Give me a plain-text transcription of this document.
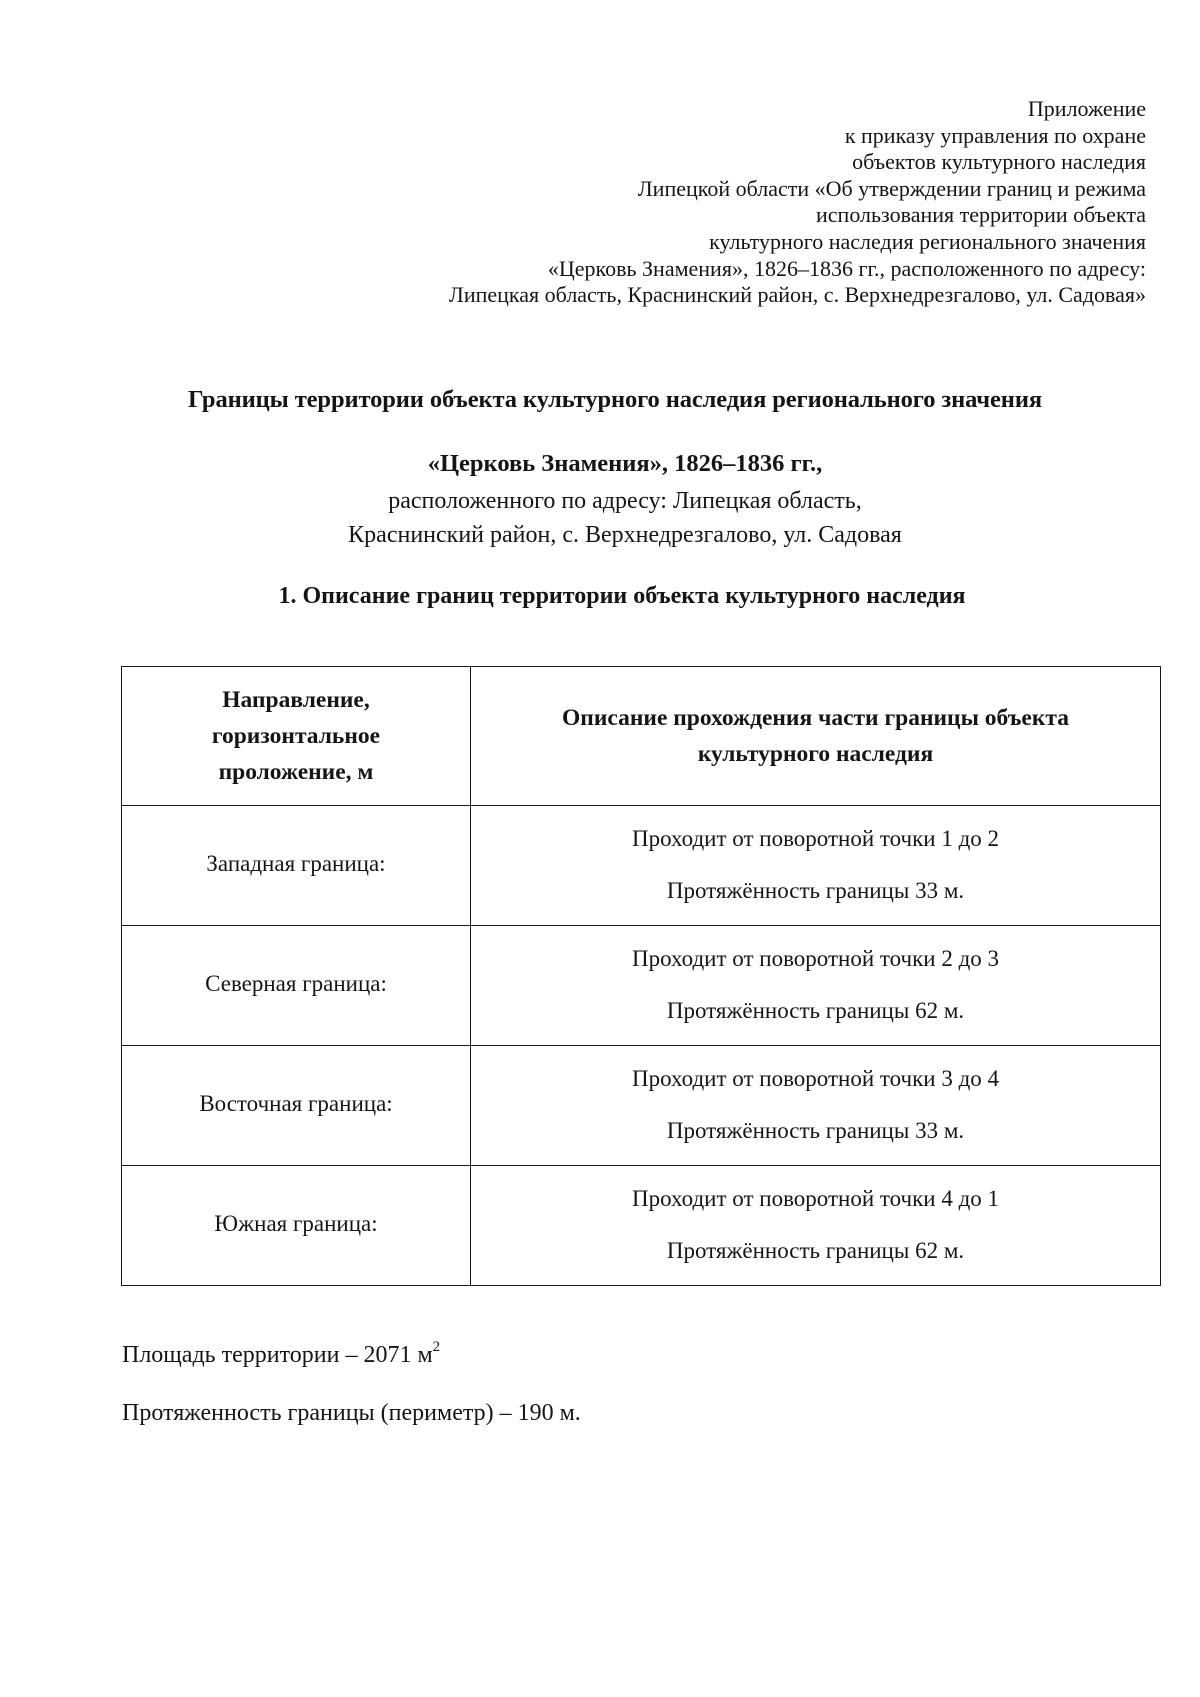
Приложение
к приказу управления по охране
объектов культурного наследия
Липецкой области «Об утверждении границ и режима
использования территории объекта
культурного наследия регионального значения
«Церковь Знамения», 1826–1836 гг., расположенного по адресу:
Липецкая область, Краснинский район, с. Верхнедрезгалово, ул. Садовая»
Границы территории объекта культурного наследия регионального значения
«Церковь Знамения», 1826–1836 гг.,
расположенного по адресу: Липецкая область,
Краснинский район, с. Верхнедрезгалово, ул. Садовая
1. Описание границ территории объекта культурного наследия
Направление,
горизонтальное
проложение, м	Описание прохождения части границы объекта
культурного наследия
Западная граница:	Проходит от поворотной точки 1 до 2
Протяжённость границы 33 м.

Северная граница:	Проходит от поворотной точки 2 до 3
Протяжённость границы 62 м.

Восточная граница:	Проходит от поворотной точки 3 до 4
Протяжённость границы 33 м.

Южная граница:	Проходит от поворотной точки 4 до 1
Протяжённость границы 62 м.
Площадь территории – 2071 $м^2$
Протяженность границы (периметр) – 190 м.
